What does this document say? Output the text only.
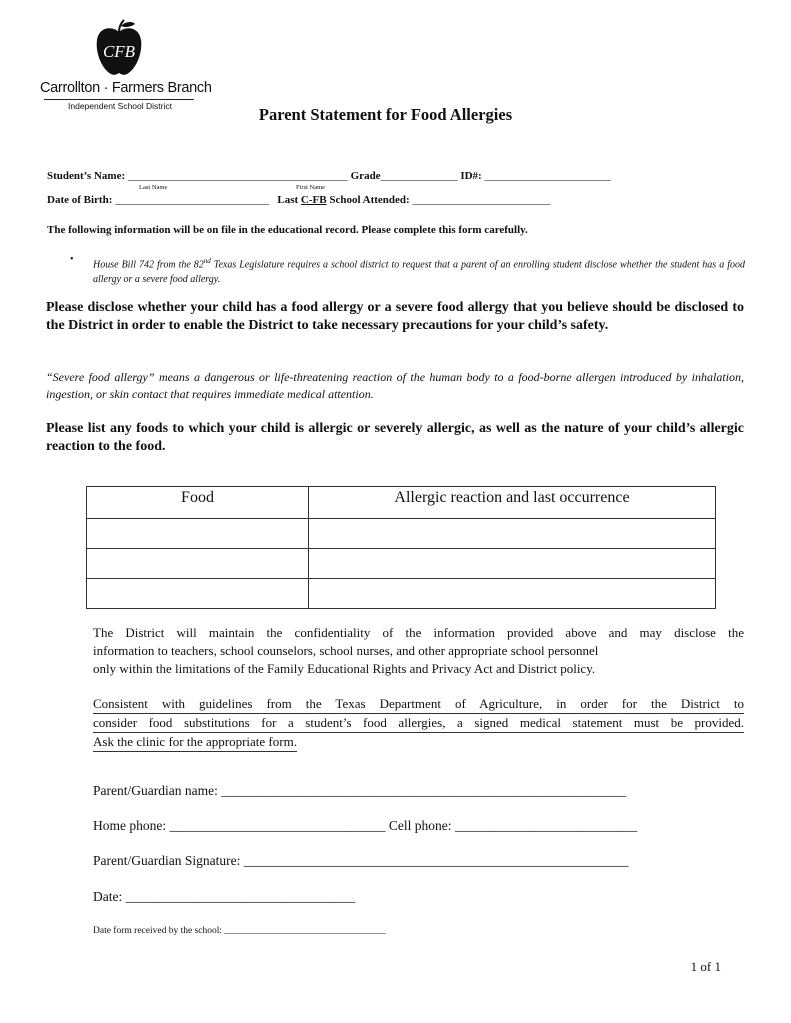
CFB
Carrollton · Farmers Branch
Independent School District	Parent Statement for Food Allergies
Student’s Name: ________________________________________ Grade______________ ID#: _______________________
Last Name	First Name
Date of Birth: ____________________________ Last C-FB School Attended: _________________________
The following information will be on file in the educational record. Please complete this form carefully.
• House Bill 742 from the 82nd Texas Legislature requires a school district to request that a parent of an enrolling student disclose whether the student has a food allergy or a severe food allergy.
Please disclose whether your child has a food allergy or a severe food allergy that you believe should be disclosed to the District in order to enable the District to take necessary precautions for your child’s safety.
“Severe food allergy” means a dangerous or life-threatening reaction of the human body to a food-borne allergen introduced by inhalation, ingestion, or skin contact that requires immediate medical attention.
Please list any foods to which your child is allergic or severely allergic, as well as the nature of your child’s allergic reaction to the food.
Food	Allergic reaction and last occurrence

The District will maintain the confidentiality of the information provided above and may disclose the
information to teachers, school counselors, school nurses, and other appropriate school personnel
only within the limitations of the Family Educational Rights and Privacy Act and District policy.
Consistent with guidelines from the Texas Department of Agriculture, in order for the District to
consider food substitutions for a student’s food allergies, a signed medical statement must be provided.
Ask the clinic for the appropriate form.
Parent/Guardian name: ____________________________________________________________
Home phone: ________________________________ Cell phone: ___________________________
Parent/Guardian Signature: _________________________________________________________
Date: __________________________________
Date form received by the school: __________________________________
1 of 1
